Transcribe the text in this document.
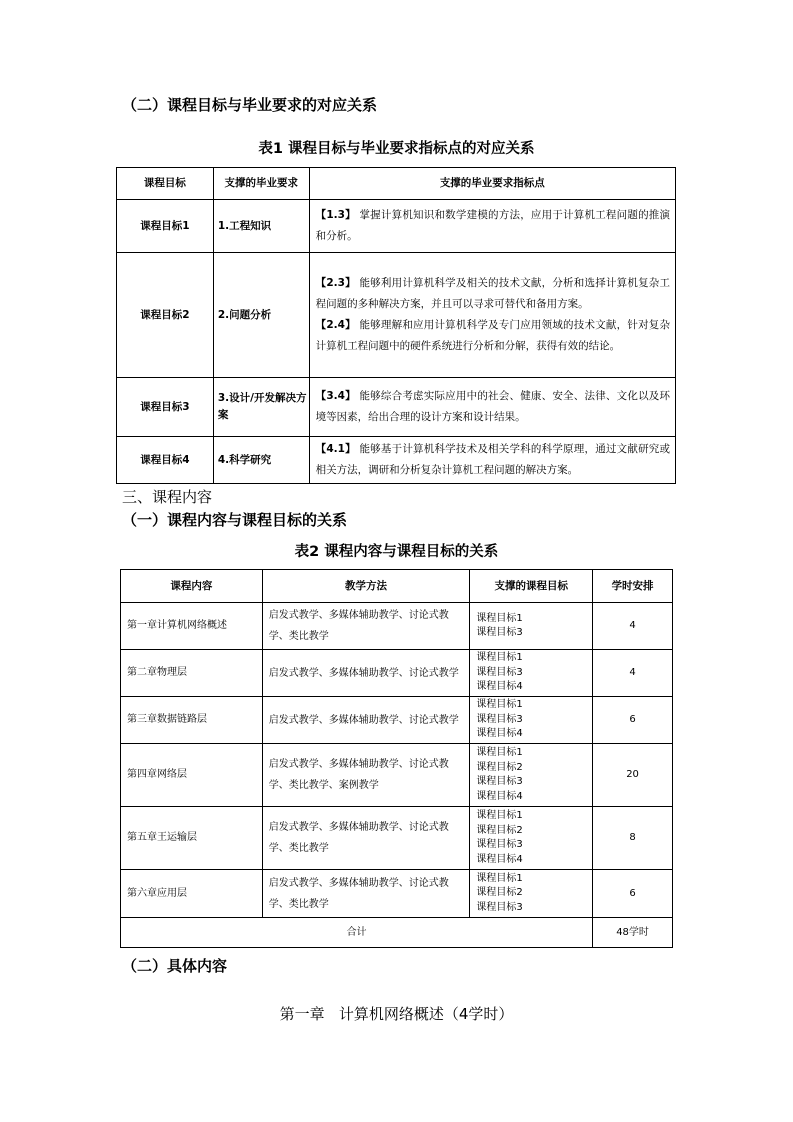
（二）课程目标与毕业要求的对应关系
表1 课程目标与毕业要求指标点的对应关系
课程目标	支撑的毕业要求	支撑的毕业要求指标点
课程目标1	1.工程知识	【1.3】 掌握计算机知识和数学建模的方法，应用于计算机工程问题的推演和分析。
课程目标2	2.问题分析	【2.3】 能够利用计算机科学及相关的技术文献，分析和选择计算机复杂工程问题的多种解决方案，并且可以寻求可替代和备用方案。
【2.4】 能够理解和应用计算机科学及专门应用领域的技术文献，针对复杂计算机工程问题中的硬件系统进行分析和分解，获得有效的结论。

课程目标3	3.设计/开发解决方案	【3.4】 能够综合考虑实际应用中的社会、健康、安全、法律、文化以及环境等因素，给出合理的设计方案和设计结果。
课程目标4	4.科学研究	【4.1】 能够基于计算机科学技术及相关学科的科学原理，通过文献研究或相关方法，调研和分析复杂计算机工程问题的解决方案。
三、课程内容
（一）课程内容与课程目标的关系
表2 课程内容与课程目标的关系
课程内容	教学方法	支撑的课程目标	学时安排
第一章计算机网络概述	启发式教学、多媒体辅助教学、讨论式教学、类比教学	课程目标1
课程目标3	4
第二章物理层	启发式教学、多媒体辅助教学、讨论式教学	课程目标1
课程目标3
课程目标4	4
第三章数据链路层	启发式教学、多媒体辅助教学、讨论式教学	课程目标1
课程目标3
课程目标4	6
第四章网络层	启发式教学、多媒体辅助教学、讨论式教学、类比教学、案例教学	课程目标1
课程目标2
课程目标3
课程目标4	20
第五章王运输层	启发式教学、多媒体辅助教学、讨论式教学、类比教学	课程目标1
课程目标2
课程目标3
课程目标4	8
第六章应用层	启发式教学、多媒体辅助教学、讨论式教学、类比教学	课程目标1
课程目标2
课程目标3	6
合计			48学时
（二）具体内容
第一章   计算机网络概述（4学时）
